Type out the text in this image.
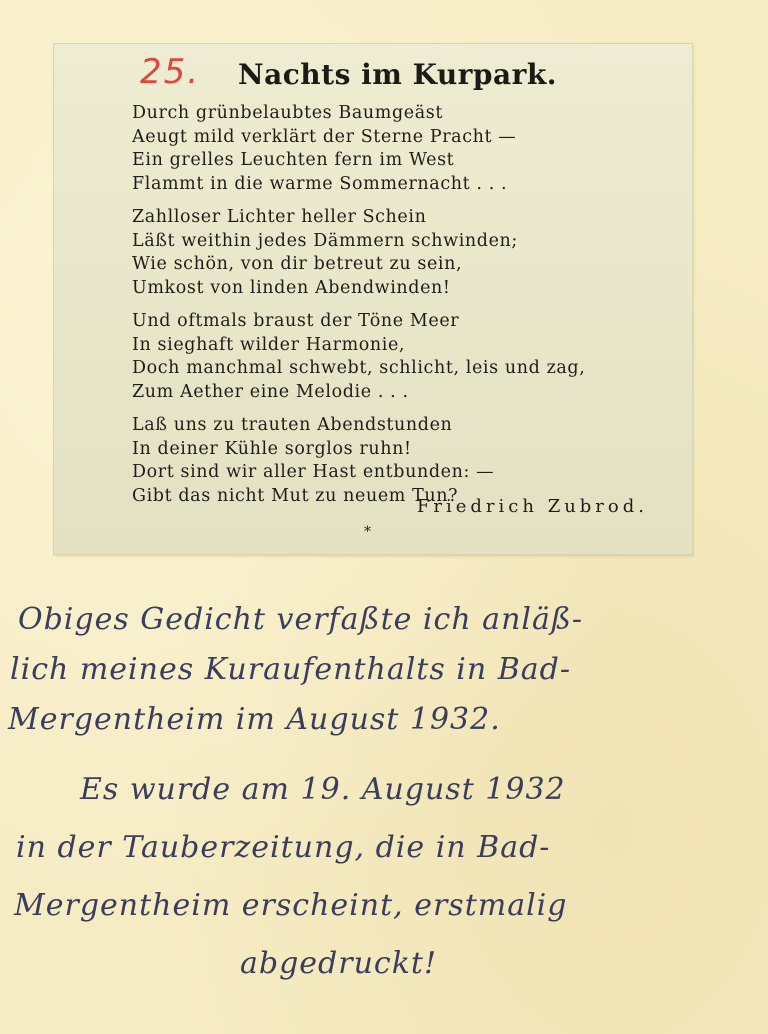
25. Nachts im Kurpark.
Durch grünbelaubtes Baumgeäst
Aeugt mild verklärt der Sterne Pracht —
Ein grelles Leuchten fern im West
Flammt in die warme Sommernacht . . .
Zahlloser Lichter heller Schein
Läßt weithin jedes Dämmern schwinden;
Wie schön, von dir betreut zu sein,
Umkost von linden Abendwinden!
Und oftmals braust der Töne Meer
In sieghaft wilder Harmonie,
Doch manchmal schwebt, schlicht, leis und zag,
Zum Aether eine Melodie . . .
Laß uns zu trauten Abendstunden
In deiner Kühle sorglos ruhn!
Dort sind wir aller Hast entbunden: —
Gibt das nicht Mut zu neuem Tun?
Friedrich Zubrod.
*
Obiges Gedicht verfaßte ich anläß-
lich meines Kuraufenthalts in Bad-
Mergentheim im August 1932.
Es wurde am 19. August 1932
in der Tauberzeitung, die in Bad-
Mergentheim erscheint, erstmalig
abgedruckt!
